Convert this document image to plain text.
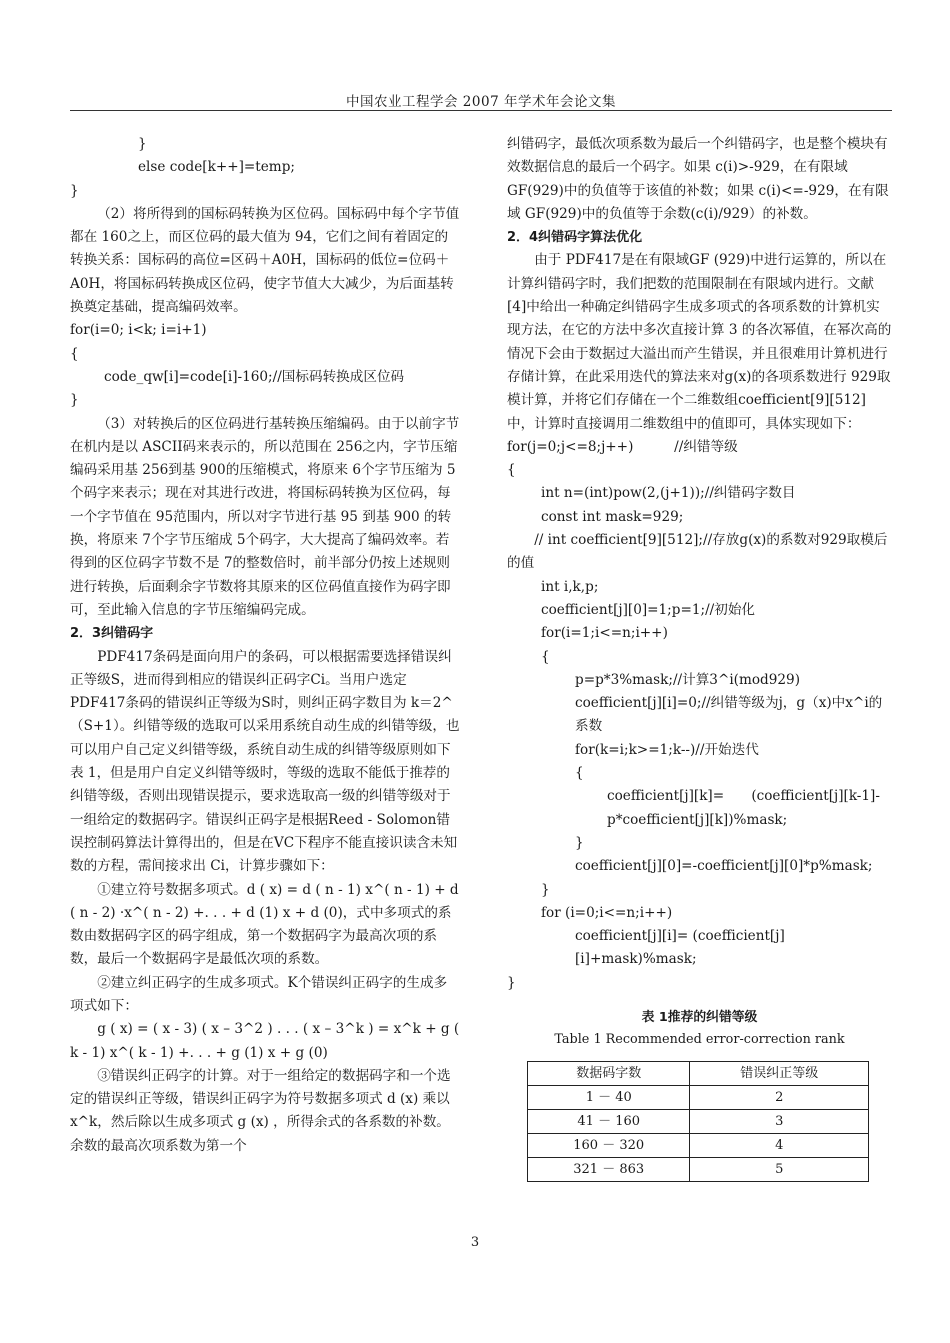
中国农业工程学会 2007 年学术年会论文集

}

else code[k++]=temp;

}

（2）将所得到的国标码转换为区位码。国标码中每个字节值都在 160之上，而区位码的最大值为 94，它们之间有着固定的转换关系：国标码的高位=区码＋A0H，国标码的低位=位码＋A0H，将国标码转换成区位码，使字节值大大减少，为后面基转换奠定基础，提高编码效率。

for(i=0; i<k; i=i+1)

{

code_qw[i]=code[i]-160;//国标码转换成区位码

}

（3）对转换后的区位码进行基转换压缩编码。由于以前字节在机内是以 ASCII码来表示的，所以范围在 256之内，字节压缩编码采用基 256到基 900的压缩模式，将原来 6个字节压缩为 5个码字来表示；现在对其进行改进，将国标码转换为区位码，每一个字节值在 95范围内，所以对字节进行基 95 到基 900 的转换，将原来 7个字节压缩成 5个码字，大大提高了编码效率。若得到的区位码字节数不是 7的整数倍时，前半部分仍按上述规则进行转换，后面剩余字节数将其原来的区位码值直接作为码字即可，至此输入信息的字节压缩编码完成。

2．3纠错码字

PDF417条码是面向用户的条码，可以根据需要选择错误纠正等级S，进而得到相应的错误纠正码字Ci。当用户选定 PDF417条码的错误纠正等级为S时，则纠正码字数目为 k＝2^（S+1）。纠错等级的选取可以采用系统自动生成的纠错等级，也可以用户自己定义纠错等级，系统自动生成的纠错等级原则如下表 1，但是用户自定义纠错等级时，等级的选取不能低于推荐的纠错等级，否则出现错误提示，要求选取高一级的纠错等级对于一组给定的数据码字。错误纠正码字是根据Reed - Solomon错误控制码算法计算得出的，但是在VC下程序不能直接识读含未知数的方程，需间接求出 Ci，计算步骤如下：

①建立符号数据多项式。d ( x) = d ( n - 1) x^( n - 1) + d ( n - 2) ·x^( n - 2) +. . . + d (1) x + d (0)，式中多项式的系数由数据码字区的码字组成，第一个数据码字为最高次项的系数，最后一个数据码字是最低次项的系数。

②建立纠正码字的生成多项式。K个错误纠正码字的生成多项式如下：

g ( x) = ( x - 3) ( x – 3^2 ) . . . ( x – 3^k ) = x^k + g ( k - 1) x^( k - 1) +. . . + g (1) x + g (0)

③错误纠正码字的计算。对于一组给定的数据码字和一个选定的错误纠正等级，错误纠正码字为符号数据多项式 d (x) 乘以 x^k，然后除以生成多项式 g (x) ，所得余式的各系数的补数。余数的最高次项系数为第一个

纠错码字，最低次项系数为最后一个纠错码字，也是整个模块有效数据信息的最后一个码字。如果 c(i)>-929，在有限域 GF(929)中的负值等于该值的补数；如果 c(i)<=-929，在有限域 GF(929)中的负值等于余数(c(i)/929）的补数。

2．4纠错码字算法优化

由于 PDF417是在有限域GF (929)中进行运算的，所以在计算纠错码字时，我们把数的范围限制在有限域内进行。文献 [4]中给出一种确定纠错码字生成多项式的各项系数的计算机实现方法，在它的方法中多次直接计算 3 的各次幂值，在幂次高的情况下会由于数据过大溢出而产生错误，并且很难用计算机进行存储计算，在此采用迭代的算法来对g(x)的各项系数进行 929取模计算，并将它们存储在一个二维数组coefficient[9][512]中，计算时直接调用二维数组中的值即可，具体实现如下：

for(j=0;j<=8;j++)　　　//纠错等级

{

int n=(int)pow(2,(j+1));//纠错码字数目

const int mask=929;

// int coefficient[9][512];//存放g(x)的系数对929取模后的值

int i,k,p;

coefficient[j][0]=1;p=1;//初始化

for(i=1;i<=n;i++)

{

p=p*3%mask;//计算3^i(mod929)

coefficient[j][i]=0;//纠错等级为j，g（x)中x^i的系数

for(k=i;k>=1;k--)//开始迭代

{

coefficient[j][k]=　　(coefficient[j][k-1]-p*coefficient[j][k])%mask;

}

coefficient[j][0]=-coefficient[j][0]*p%mask;

}

for (i=0;i<=n;i++)

coefficient[j][i]= (coefficient[j][i]+mask)%mask;

}

表 1推荐的纠错等级
Table 1 Recommended error-correction rank
数据码字数	错误纠正等级
1 － 40	2
41 － 160	3
160 － 320	4
321 － 863	5
3
